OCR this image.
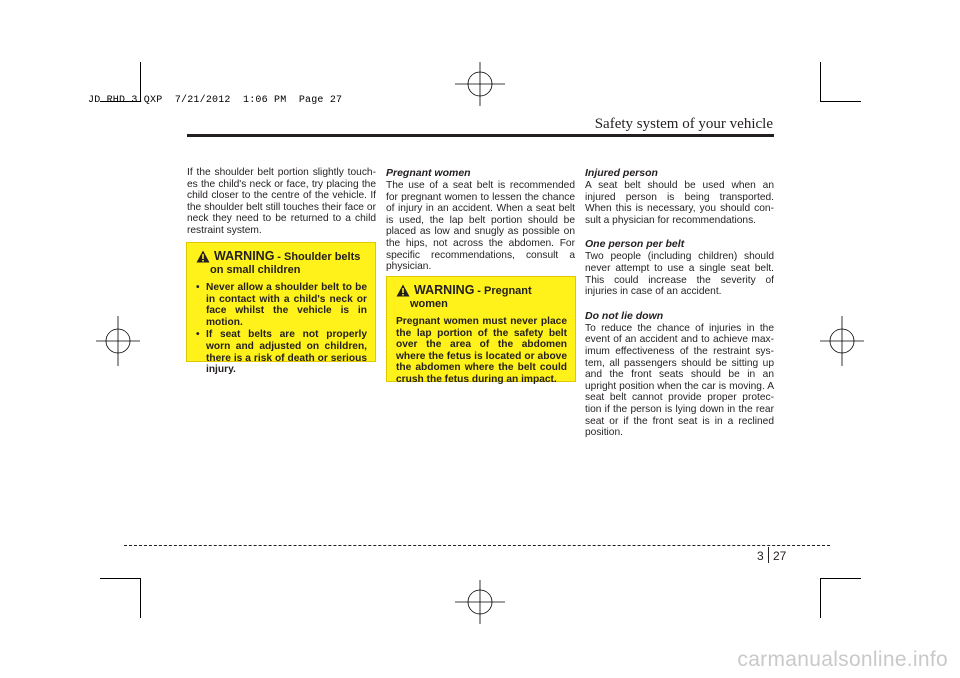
JD RHD 3.QXP  7/21/2012  1:06 PM  Page 27
Safety system of your vehicle

If the shoulder belt portion slightly touch-es the child's neck or face, try placing the child closer to the centre of the vehicle. If the shoulder belt still touches their face or neck they need to be returned to a child restraint system.

WARNING - Shoulder belts on small children
• Never allow a shoulder belt to be in contact with a child's neck or face whilst the vehicle is in motion.
• If seat belts are not properly worn and adjusted on children, there is a risk of death or serious injury.

Pregnant women

The use of a seat belt is recommended for pregnant women to lessen the chance of injury in an accident. When a seat belt is used, the lap belt portion should be placed as low and snugly as possible on the hips, not across the abdomen. For specific recommendations, consult a physician.

WARNING - Pregnant women

Pregnant women must never place the lap portion of the safety belt over the area of the abdomen where the fetus is located or above the abdomen where the belt could crush the fetus during an impact.

Injured person

A seat belt should be used when an injured person is being transported. When this is necessary, you should con-sult a physician for recommendations.

One person per belt

Two people (including children) should never attempt to use a single seat belt. This could increase the severity of injuries in case of an accident.

Do not lie down

To reduce the chance of injuries in the event of an accident and to achieve max-imum effectiveness of the restraint sys-tem, all passengers should be sitting up and the front seats should be in an upright position when the car is moving. A seat belt cannot provide proper protec-tion if the person is lying down in the rear seat or if the front seat is in a reclined position.

3 27
carmanualsonline.info
